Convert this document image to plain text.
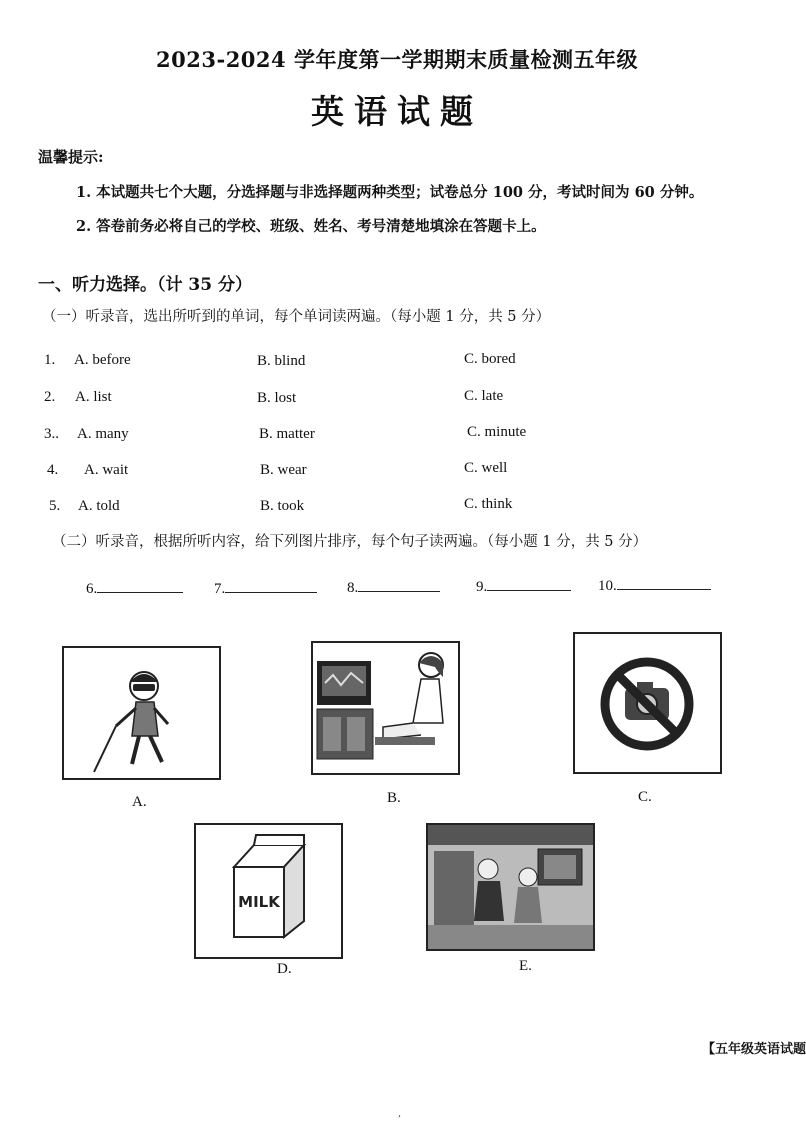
2023-2024 学年度第一学期期末质量检测五年级
英语试题
温馨提示:
1. 本试题共七个大题，分选择题与非选择题两种类型；试卷总分 100 分，考试时间为 60 分钟。
2. 答卷前务必将自己的学校、班级、姓名、考号清楚地填涂在答题卡上。
一、听力选择。（计 35 分）
（一）听录音，选出所听到的单词，每个单词读两遍。（每小题 1 分，共 5 分）
1. A. before	B. blind	C. bored
2. A. list	B. lost	C. late
3.. A. many	B. matter	C. minute
4. A. wait	B. wear	C. well
5. A. told	B. took	C. think
（二）听录音，根据所听内容，给下列图片排序，每个句子读两遍。（每小题 1 分，共 5 分）
6.	7.	8.	9.	10.
A.	B.	C.
MILK
D.	E.
【五年级英语试题
,
